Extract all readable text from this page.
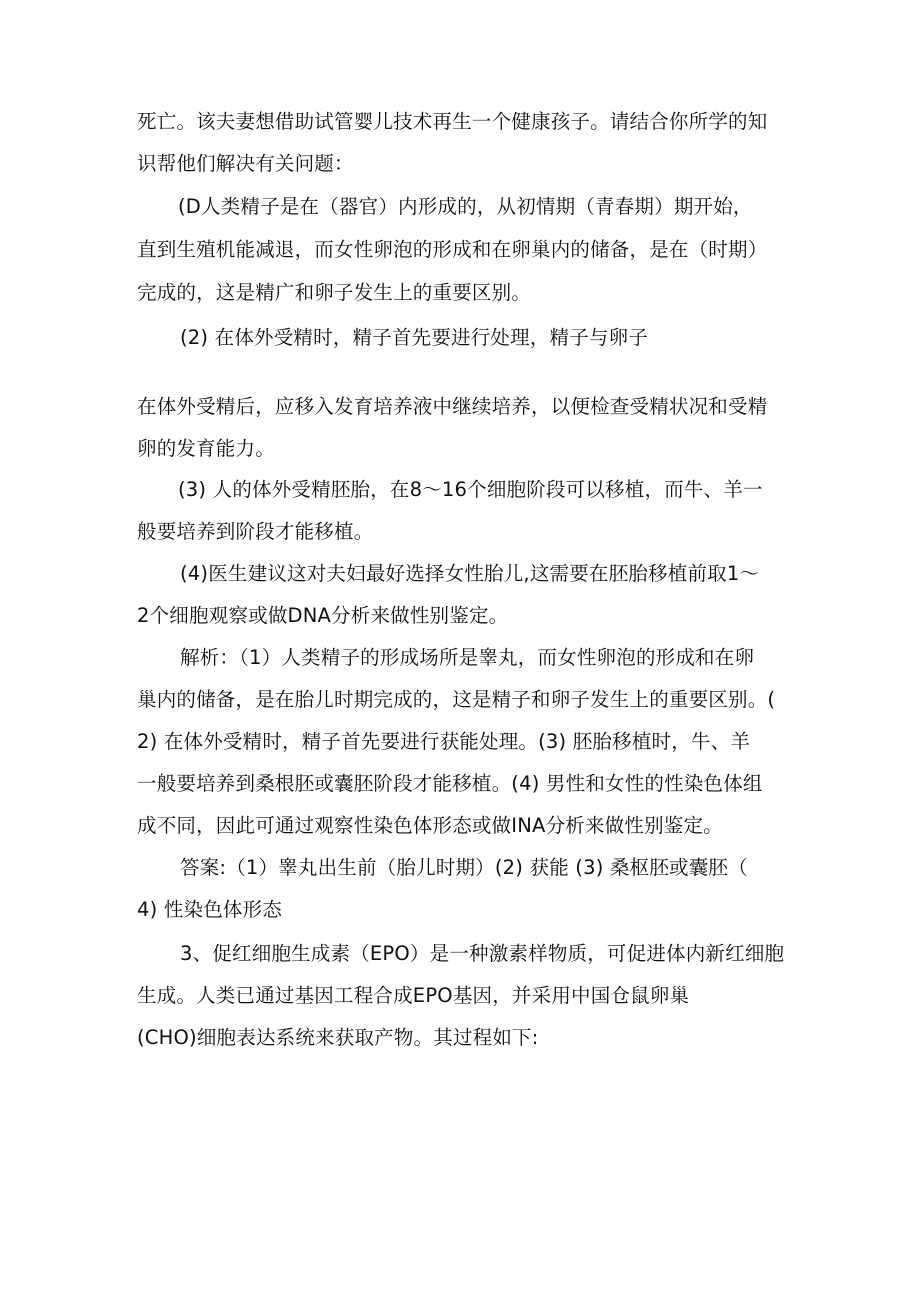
死亡。该夫妻想借助试管婴儿技术再生一个健康孩子。请结合你所学的知
识帮他们解决有关问题：
(D人类精子是在（器官）内形成的，从初情期（青春期）期开始，
直到生殖机能减退，而女性卵泡的形成和在卵巢内的储备，是在（时期）
完成的，这是精广和卵子发生上的重要区别。
(2) 在体外受精时，精子首先要进行处理，精子与卵子
在体外受精后，应移入发育培养液中继续培养，以便检查受精状况和受精
卵的发育能力。
(3) 人的体外受精胚胎，在8～16个细胞阶段可以移植，而牛、羊一
般要培养到阶段才能移植。
(4)医生建议这对夫妇最好选择女性胎儿,这需要在胚胎移植前取1～
2个细胞观察或做DNA分析来做性别鉴定。
解析：（1）人类精子的形成场所是睾丸，而女性卵泡的形成和在卵
巢内的储备，是在胎儿时期完成的，这是精子和卵子发生上的重要区别。(
2) 在体外受精时，精子首先要进行获能处理。(3) 胚胎移植时，牛、羊
一般要培养到桑根胚或囊胚阶段才能移植。(4) 男性和女性的性染色体组
成不同，因此可通过观察性染色体形态或做INA分析来做性别鉴定。
答案:（1）睾丸出生前（胎儿时期）(2) 获能 (3) 桑枢胚或囊胚（
4) 性染色体形态
3、促红细胞生成素（EPO）是一种激素样物质，可促进体内新红细胞
生成。人类已通过基因工程合成EPO基因，并采用中国仓鼠卵巢
(CHO)细胞表达系统来获取产物。其过程如下:
